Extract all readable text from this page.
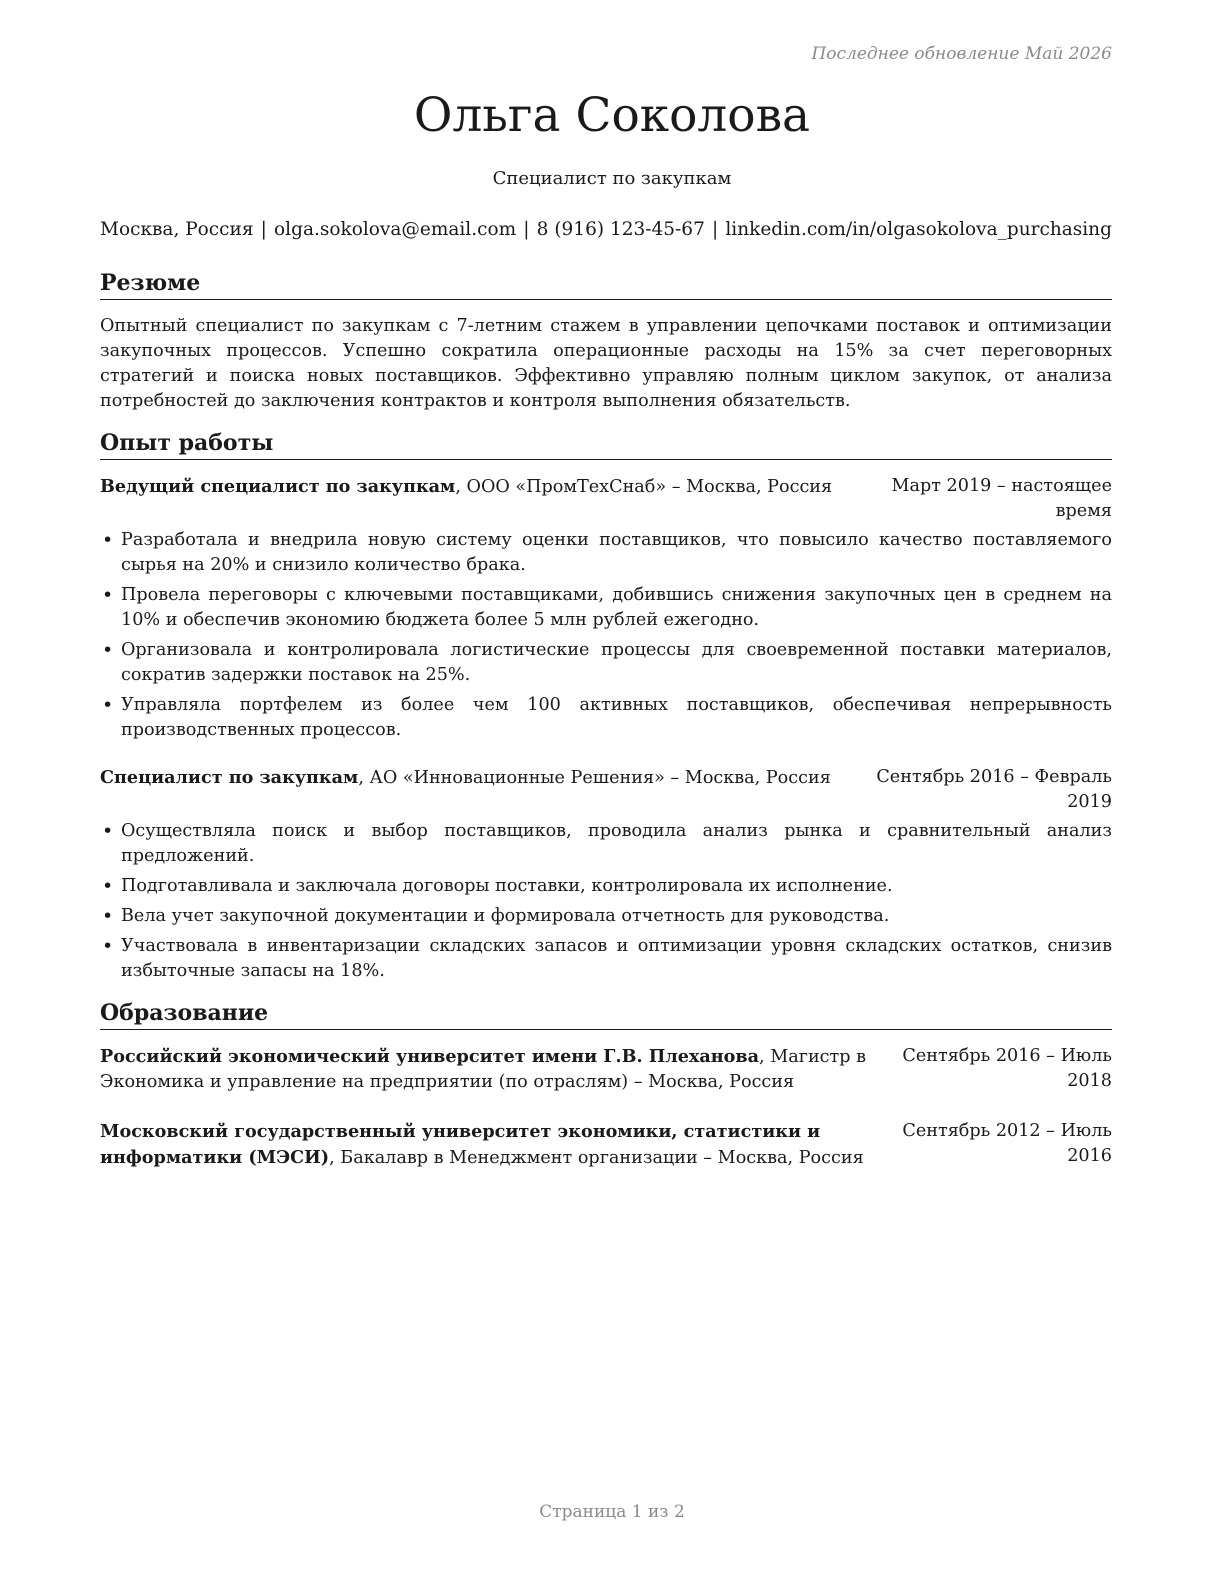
Последнее обновление Май 2026
Ольга Соколова
Специалист по закупкам
Москва, Россия | olga.sokolova@email.com | 8 (916) 123-45-67 | linkedin.com/in/olgasokolova_purchasing
Резюме

Опытный специалист по закупкам с 7-летним стажем в управлении цепочками поставок и оптимизации закупочных процессов. Успешно сократила операционные расходы на 15% за счет переговорных стратегий и поиска новых поставщиков. Эффективно управляю полным циклом закупок, от анализа потребностей до заключения контрактов и контроля выполнения обязательств.

Опыт работы
Ведущий специалист по закупкам, ООО «ПромТехСнаб» – Москва, Россия	Март 2019 – настоящее время
• Разработала и внедрила новую систему оценки поставщиков, что повысило качество поставляемого сырья на 20% и снизило количество брака.
• Провела переговоры с ключевыми поставщиками, добившись снижения закупочных цен в среднем на 10% и обеспечив экономию бюджета более 5 млн рублей ежегодно.
• Организовала и контролировала логистические процессы для своевременной поставки материалов, сократив задержки поставок на 25%.
• Управляла портфелем из более чем 100 активных поставщиков, обеспечивая непрерывность производственных процессов.
Специалист по закупкам, АО «Инновационные Решения» – Москва, Россия	Сентябрь 2016 – Февраль 2019
• Осуществляла поиск и выбор поставщиков, проводила анализ рынка и сравнительный анализ предложений.
• Подготавливала и заключала договоры поставки, контролировала их исполнение.
• Вела учет закупочной документации и формировала отчетность для руководства.
• Участвовала в инвентаризации складских запасов и оптимизации уровня складских остатков, снизив избыточные запасы на 18%.
Образование
Российский экономический университет имени Г.В. Плеханова, Магистр в Экономика и управление на предприятии (по отраслям) – Москва, Россия
Сентябрь 2016 – Июль 2018
Московский государственный университет экономики, статистики и информатики (МЭСИ), Бакалавр в Менеджмент организации – Москва, Россия
Сентябрь 2012 – Июль 2016
Страница 1 из 2
